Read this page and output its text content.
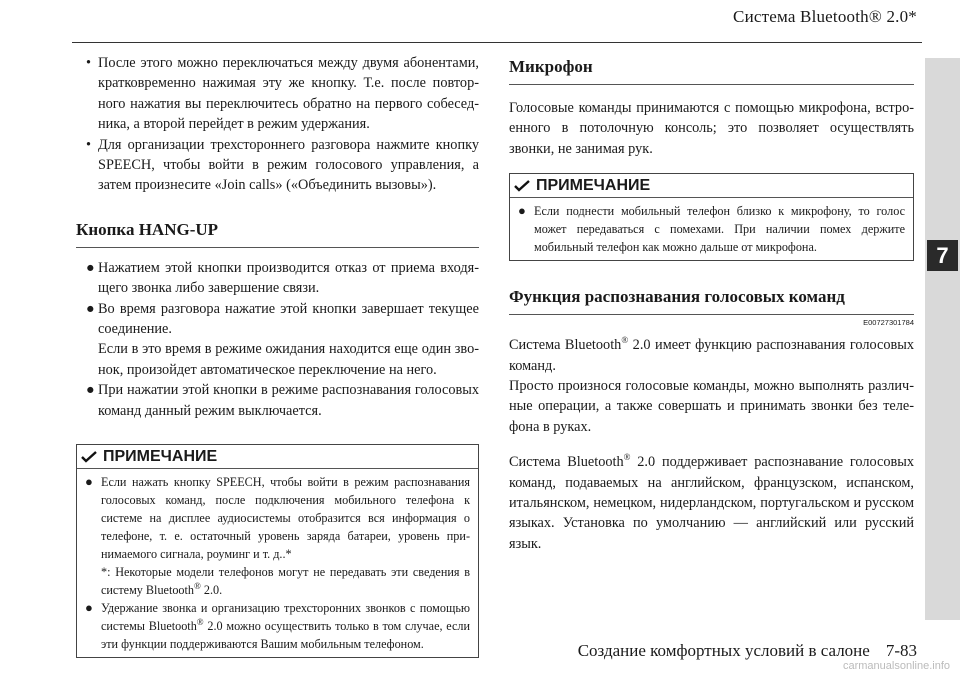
Система Bluetooth® 2.0*
7

• После этого можно переключаться между двумя абонентами, кратковременно нажимая эту же кнопку. Т.е. после повторного нажатия вы переключитесь обратно на первого собеседника, а второй перейдет в режим удержания.

• Для организации трехстороннего разговора нажмите кнопку SPEECH, чтобы войти в режим голосового управления, а затем произнесите «Join calls» («Объединить вызовы»).

Кнопка HANG-UP

● Нажатием этой кнопки производится отказ от приема входящего звонка либо завершение связи.

● Во время разговора нажатие этой кнопки завершает текущее соединение.

Если в это время в режиме ожидания находится еще один звонок, произойдет автоматическое переключение на него.

● При нажатии этой кнопки в режиме распознавания голосовых команд данный режим выключается.

ПРИМЕЧАНИЕ
● Если нажать кнопку SPEECH, чтобы войти в режим распознавания голосовых команд, после подключения мобильного телефона к системе на дисплее аудиосистемы отобразится вся информация о телефоне, т. е. остаточный уровень заряда батареи, уровень принимаемого сигнала, роуминг и т. д..*
*: Некоторые модели телефонов могут не передавать эти сведения в систему Bluetooth® 2.0.
● Удержание звонка и организацию трехсторонних звонков с помощью системы Bluetooth® 2.0 можно осуществить только в том случае, если эти функции поддерживаются Вашим мобильным телефоном.
Микрофон

Голосовые команды принимаются с помощью микрофона, встроенного в потолочную консоль; это позволяет осуществлять звонки, не занимая рук.

ПРИМЕЧАНИЕ
● Если поднести мобильный телефон близко к микрофону, то голос может передаваться с помехами. При наличии помех держите мобильный телефон как можно дальше от микрофона.
Функция распознавания голосовых команд
E00727301784

Система Bluetooth® 2.0 имеет функцию распознавания голосовых команд.

Просто произнося голосовые команды, можно выполнять различные операции, а также совершать и принимать звонки без телефона в руках.

Система Bluetooth® 2.0 поддерживает распознавание голосовых команд, подаваемых на английском, французском, испанском, итальянском, немецком, нидерландском, португальском и русском языках. Установка по умолчанию — английский или русский язык.

Создание комфортных условий в салоне 7-83
carmanualsonline.info
